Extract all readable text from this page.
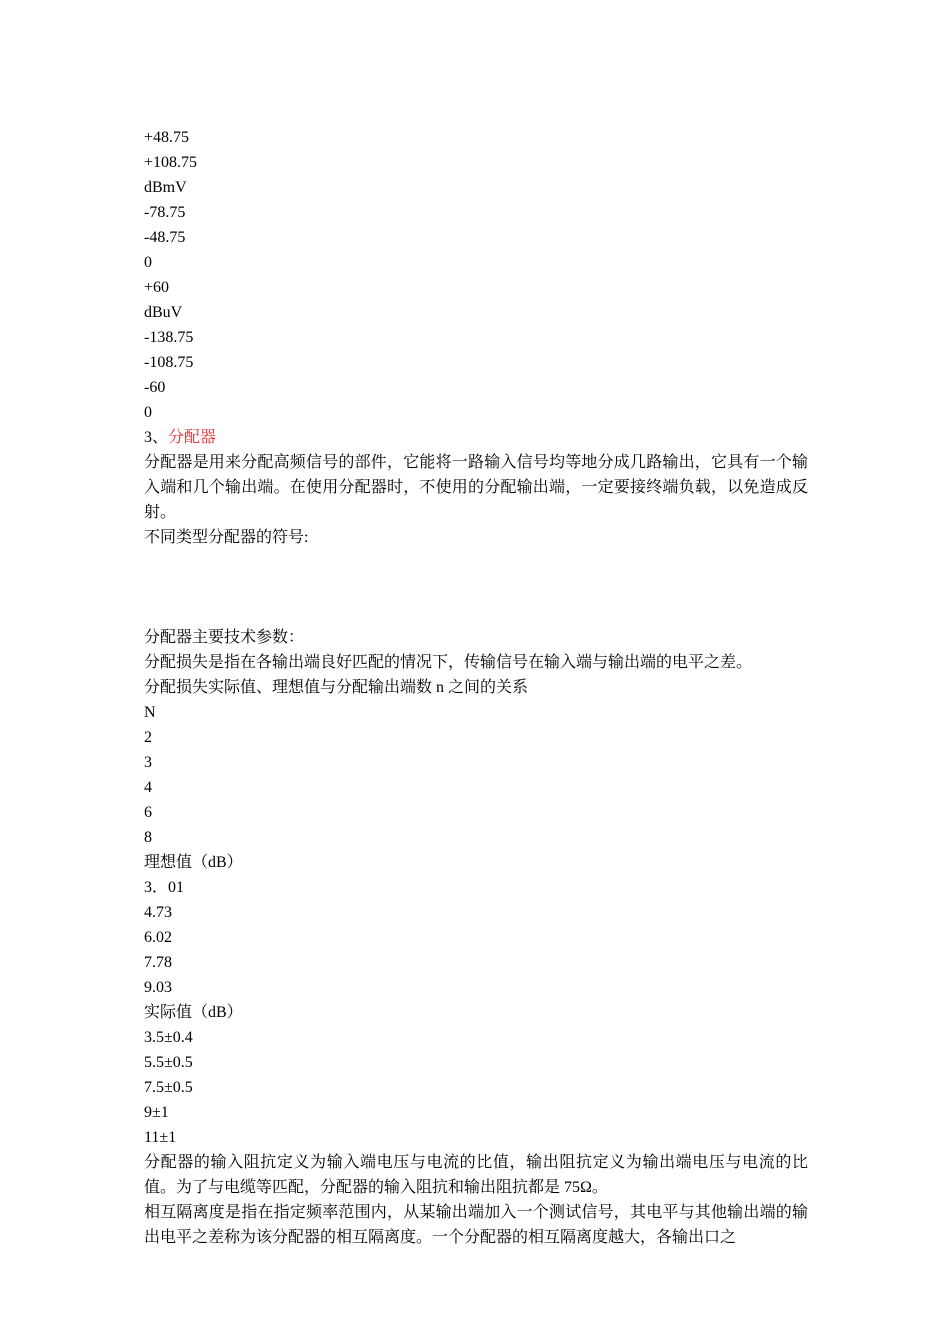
+48.75
+108.75
dBmV
-78.75
-48.75
0
+60
dBuV
-138.75
-108.75
-60
0
3、分配器
分配器是用来分配高频信号的部件，它能将一路输入信号均等地分成几路输出，它具有一个输入端和几个输出端。在使用分配器时，不使用的分配输出端，一定要接终端负载，以免造成反射。
不同类型分配器的符号:
分配器主要技术参数：
分配损失是指在各输出端良好匹配的情况下，传输信号在输入端与输出端的电平之差。
分配损失实际值、理想值与分配输出端数 n 之间的关系
N
2
3
4
6
8
理想值（dB）
3．01
4.73
6.02
7.78
9.03
实际值（dB）
3.5±0.4
5.5±0.5
7.5±0.5
9±1
11±1
分配器的输入阻抗定义为输入端电压与电流的比值，输出阻抗定义为输出端电压与电流的比值。为了与电缆等匹配，分配器的输入阻抗和输出阻抗都是 75Ω。
相互隔离度是指在指定频率范围内，从某输出端加入一个测试信号，其电平与其他输出端的输出电平之差称为该分配器的相互隔离度。一个分配器的相互隔离度越大，各输出口之
